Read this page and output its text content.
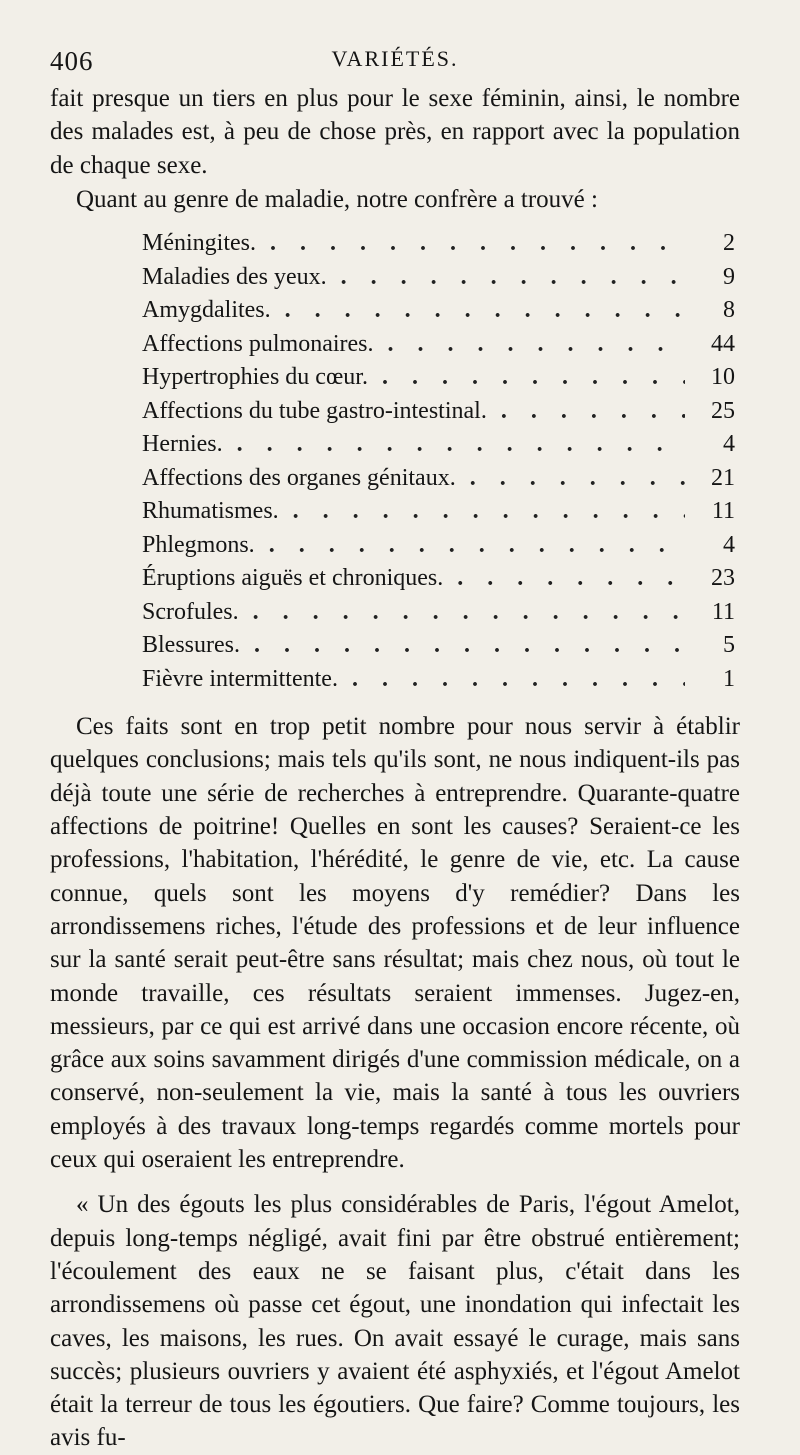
406	VARIÉTÉS.

fait presque un tiers en plus pour le sexe féminin, ainsi, le nombre des malades est, à peu de chose près, en rapport avec la population de chaque sexe.

Quant au genre de maladie, notre confrère a trouvé :

Méningites. . . .	2
Maladies des yeux. . . .	9
Amygdalites. . . .	8
Affections pulmonaires. . . .	44
Hypertrophies du cœur. . . .	10
Affections du tube gastro-intestinal. . . .	25
Hernies. . . .	4
Affections des organes génitaux. . . .	21
Rhumatismes. . . .	11
Phlegmons. . . .	4
Éruptions aiguës et chroniques. . . .	23
Scrofules. . . .	11
Blessures. . . .	5
Fièvre intermittente. . . .	1

Ces faits sont en trop petit nombre pour nous servir à établir quelques conclusions; mais tels qu'ils sont, ne nous indiquent-ils pas déjà toute une série de recherches à entreprendre. Quarante-quatre affections de poitrine! Quelles en sont les causes? Seraient-ce les professions, l'habitation, l'hérédité, le genre de vie, etc. La cause connue, quels sont les moyens d'y remédier? Dans les arrondissemens riches, l'étude des professions et de leur influence sur la santé serait peut-être sans résultat; mais chez nous, où tout le monde travaille, ces résultats seraient immenses. Jugez-en, messieurs, par ce qui est arrivé dans une occasion encore récente, où grâce aux soins savamment dirigés d'une commission médicale, on a conservé, non-seulement la vie, mais la santé à tous les ouvriers employés à des travaux long-temps regardés comme mortels pour ceux qui oseraient les entreprendre.

« Un des égouts les plus considérables de Paris, l'égout Amelot, depuis long-temps négligé, avait fini par être obstrué entièrement; l'écoulement des eaux ne se faisant plus, c'était dans les arrondissemens où passe cet égout, une inondation qui infectait les caves, les maisons, les rues. On avait essayé le curage, mais sans succès; plusieurs ouvriers y avaient été asphyxiés, et l'égout Amelot était la terreur de tous les égoutiers. Que faire? Comme toujours, les avis fu-
